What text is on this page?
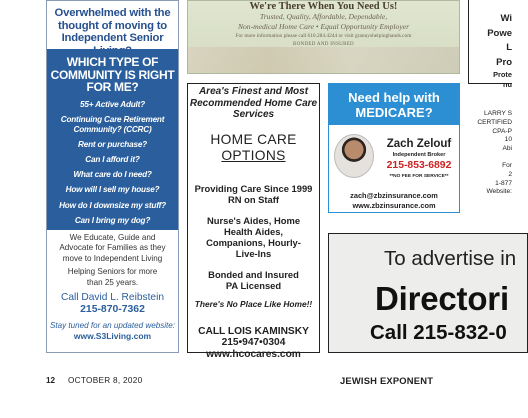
Overwhelmed with the thought of moving to Independent Senior
WHICH TYPE OF COMMUNITY IS RIGHT FOR ME?
55+ Active Adult?
Continuing Care Retirement Community? (CCRC)
Rent or purchase?
Can I afford it?
What care do I need?
How will I sell my house?
How do I downsize my stuff?
Can I bring my dog?
We Educate, Guide and Advocate for Families as they move to Independent Living
Helping Seniors for more than 25 years.
Call David L. Reibstein
215-870-7362
Stay tuned for an updated website:
www.S3Living.com
We're There When You Need Us!
Trusted, Quality, Affordable, Dependable,
Non-medical Home Care • Equal Opportunity Employer
For more information please call 610.284.4244 or visit grannyshelpinghands.com
BONDED AND INSURED
Area's Finest and Most Recommended Home Care Services
HOME CARE
OPTIONS
Providing Care Since 1999 RN on Staff
Nurse's Aides, Home Health Aides, Companions, Hourly-Live-Ins
Bonded and Insured PA Licensed
There's No Place Like Home!!
CALL LOIS KAMINSKY
215•947•0304
www.hcocares.com
Need help with MEDICARE?
Zach Zelouf
Independent Broker
215-853-6892
**NO FEE FOR SERVICE**
zach@zbzinsurance.com
www.zbzinsurance.com
To advertise in
Directori
Call 215-832-0
Wi
Powe
L
Pro
Prote
nu
LARRY S
CERTIFIED
CPA-P
10
Abi
For
2
1-877
Website:
12 OCTOBER 8, 2020	JEWISH EXPONENT
